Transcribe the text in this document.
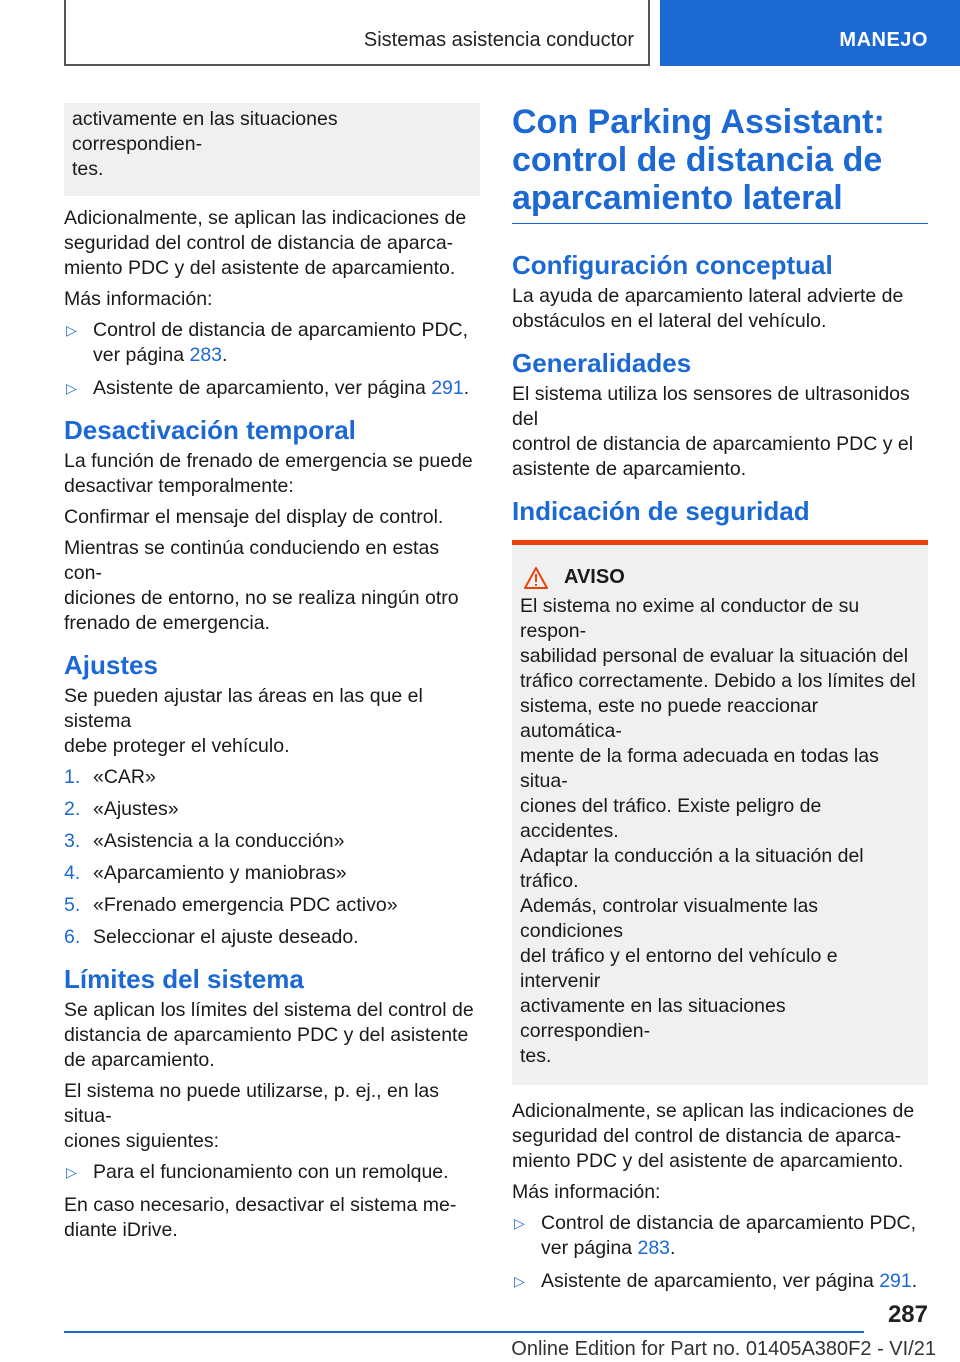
Sistemas asistencia conductor	MANEJO

activamente en las situaciones correspondien-
tes.

Adicionalmente, se aplican las indicaciones de
seguridad del control de distancia de aparca-
miento PDC y del asistente de aparcamiento.

Más información:

▷ Control de distancia de aparcamiento PDC,
ver página 283.
▷ Asistente de aparcamiento, ver página 291.
Desactivación temporal

La función de frenado de emergencia se puede
desactivar temporalmente:

Confirmar el mensaje del display de control.

Mientras se continúa conduciendo en estas con-
diciones de entorno, no se realiza ningún otro
frenado de emergencia.

Ajustes

Se pueden ajustar las áreas en las que el sistema
debe proteger el vehículo.

1. «CAR»
2. «Ajustes»
3. «Asistencia a la conducción»
4. «Aparcamiento y maniobras»
5. «Frenado emergencia PDC activo»
6. Seleccionar el ajuste deseado.
Límites del sistema

Se aplican los límites del sistema del control de
distancia de aparcamiento PDC y del asistente
de aparcamiento.

El sistema no puede utilizarse, p. ej., en las situa-
ciones siguientes:

▷ Para el funcionamiento con un remolque.

En caso necesario, desactivar el sistema me-
diante iDrive.

Con Parking Assistant:
control de distancia de
aparcamiento lateral
Configuración conceptual

La ayuda de aparcamiento lateral advierte de
obstáculos en el lateral del vehículo.

Generalidades

El sistema utiliza los sensores de ultrasonidos del
control de distancia de aparcamiento PDC y el
asistente de aparcamiento.

Indicación de seguridad
AVISO

El sistema no exime al conductor de su respon-
sabilidad personal de evaluar la situación del
tráfico correctamente. Debido a los límites del
sistema, este no puede reaccionar automática-
mente de la forma adecuada en todas las situa-
ciones del tráfico. Existe peligro de accidentes.
Adaptar la conducción a la situación del tráfico.
Además, controlar visualmente las condiciones
del tráfico y el entorno del vehículo e intervenir
activamente en las situaciones correspondien-
tes.

Adicionalmente, se aplican las indicaciones de
seguridad del control de distancia de aparca-
miento PDC y del asistente de aparcamiento.

Más información:

▷ Control de distancia de aparcamiento PDC,
ver página 283.
▷ Asistente de aparcamiento, ver página 291.
287
Online Edition for Part no. 01405A380F2 - VI/21
